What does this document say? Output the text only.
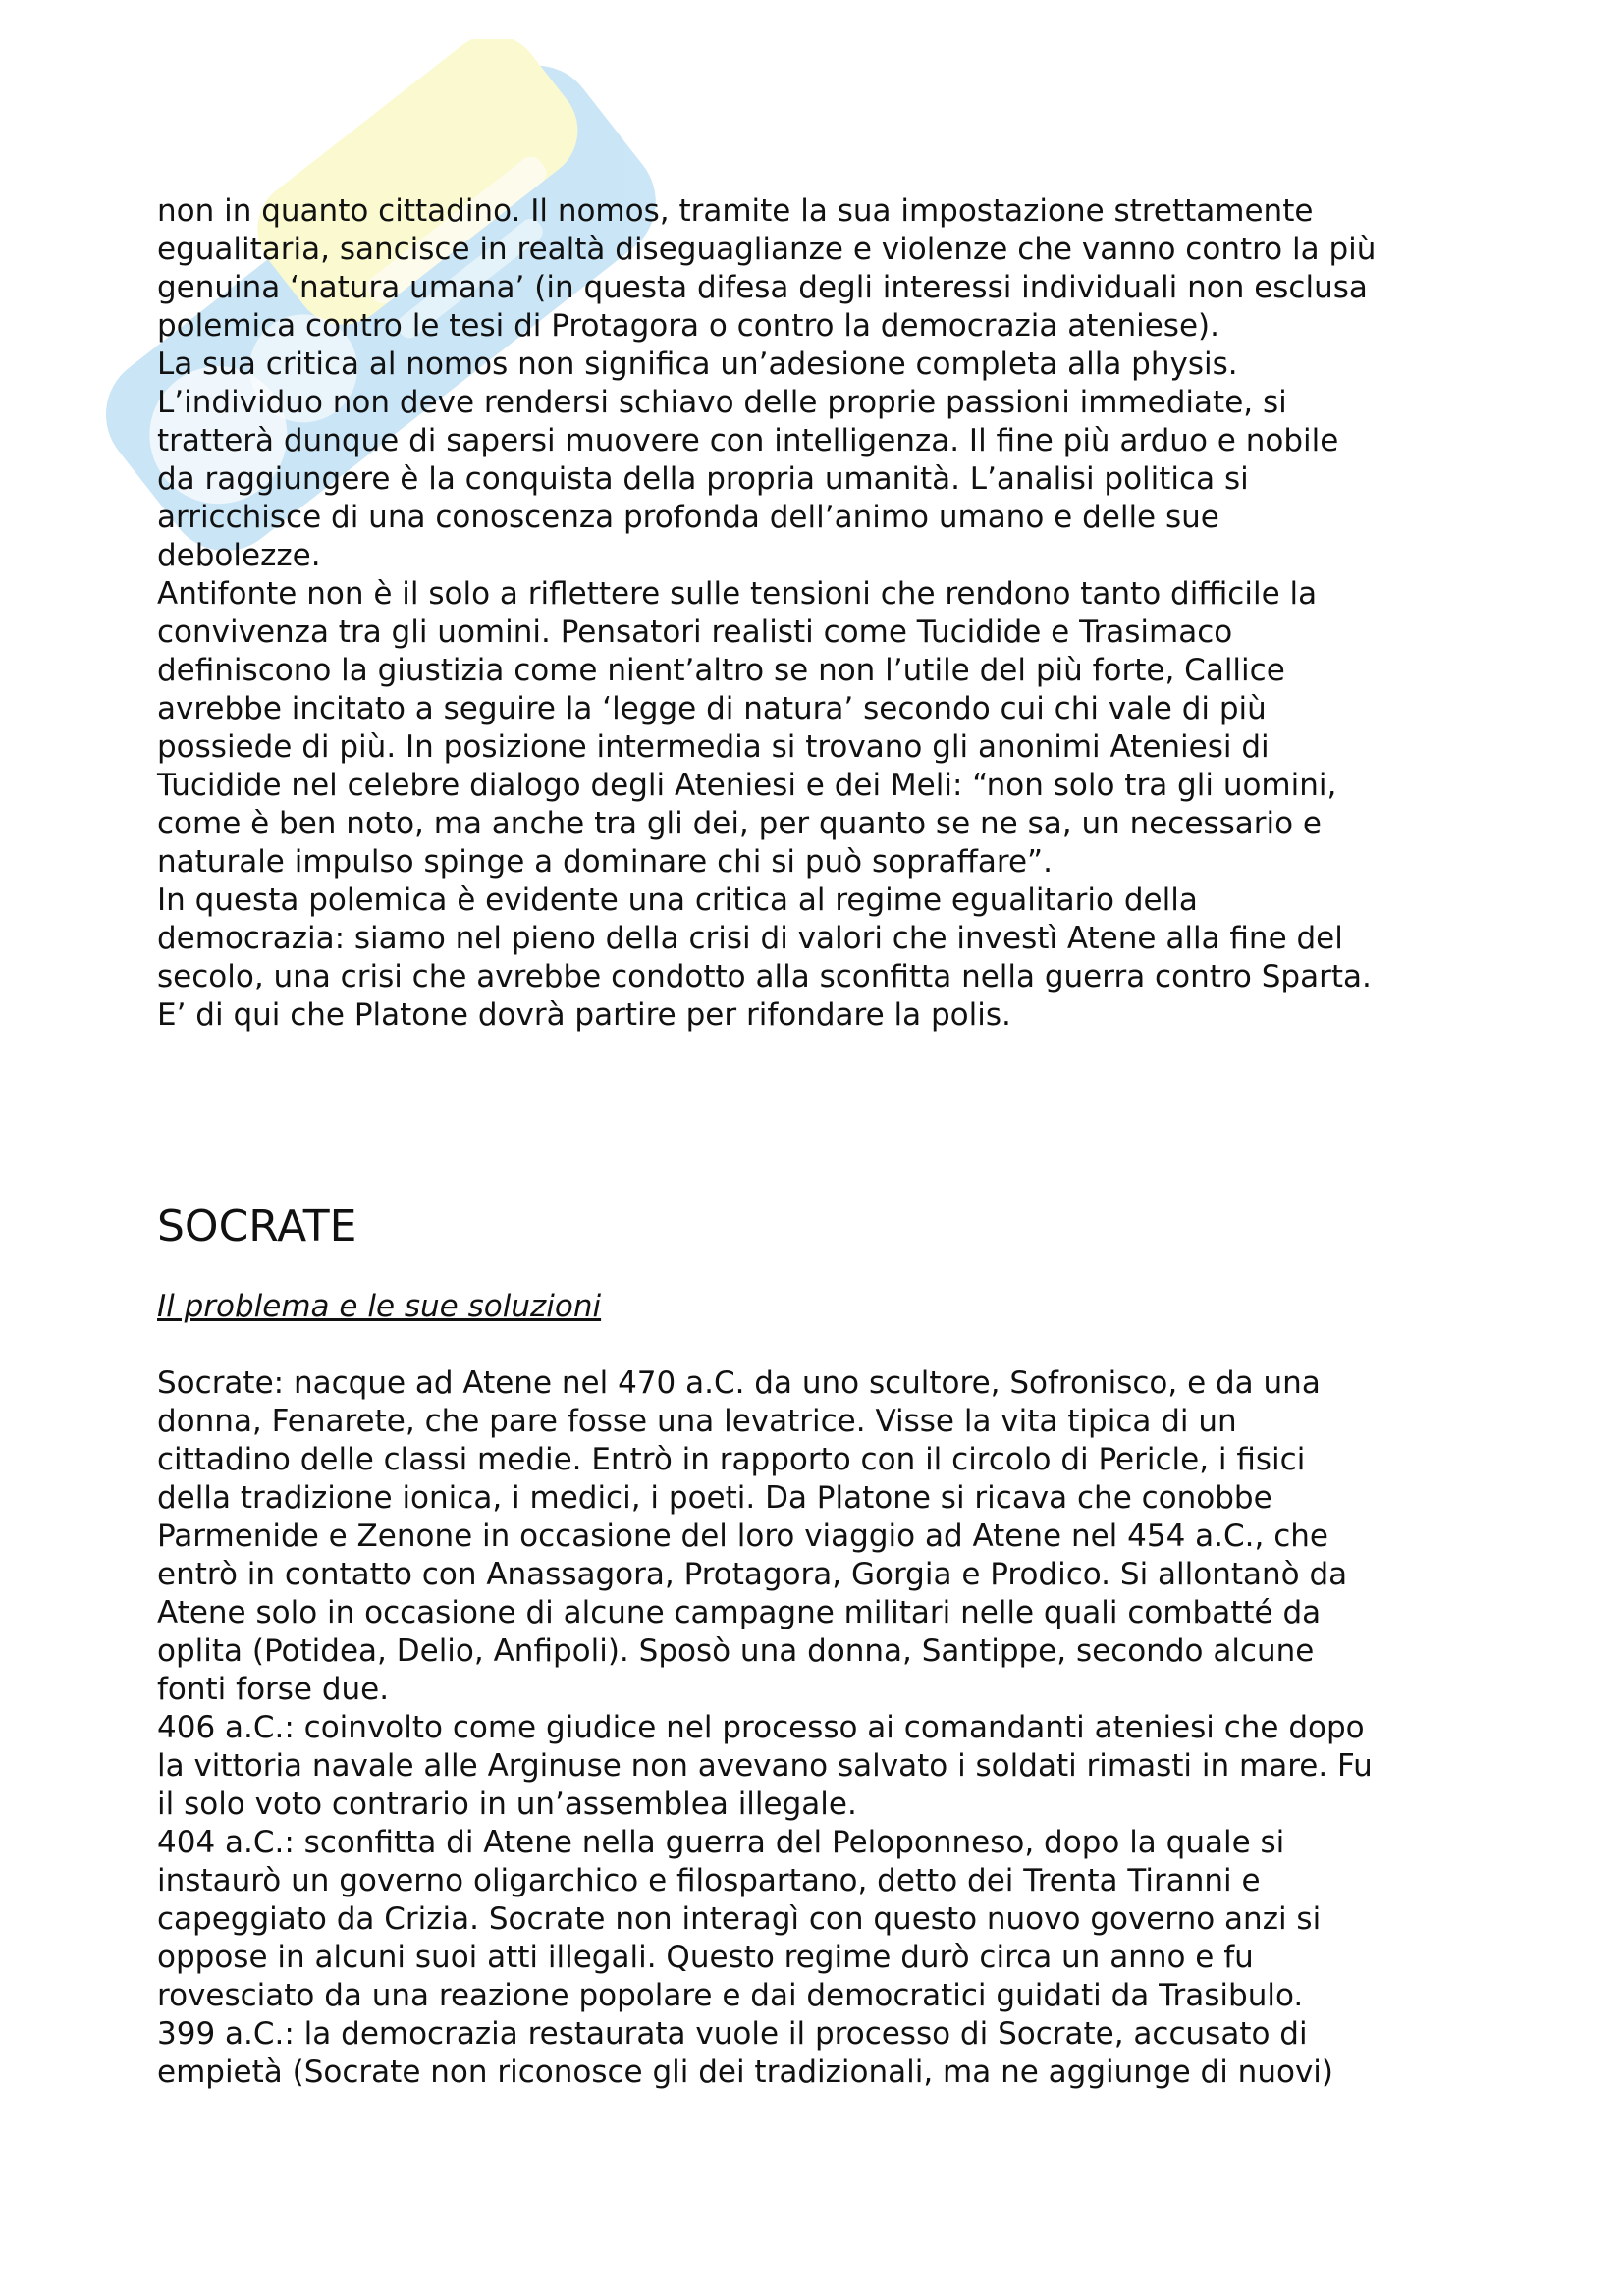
non in quanto cittadino. Il nomos, tramite la sua impostazione strettamente

egualitaria, sancisce in realtà diseguaglianze e violenze che vanno contro la più

genuina ‘natura umana’ (in questa difesa degli interessi individuali non esclusa

polemica contro le tesi di Protagora o contro la democrazia ateniese).

La sua critica al nomos non significa un’adesione completa alla physis.

L’individuo non deve rendersi schiavo delle proprie passioni immediate, si

tratterà dunque di sapersi muovere con intelligenza. Il fine più arduo e nobile

da raggiungere è la conquista della propria umanità. L’analisi politica si

arricchisce di una conoscenza profonda dell’animo umano e delle sue

debolezze.

Antifonte non è il solo a riflettere sulle tensioni che rendono tanto difficile la

convivenza tra gli uomini. Pensatori realisti come Tucidide e Trasimaco

definiscono la giustizia come nient’altro se non l’utile del più forte, Callice

avrebbe incitato a seguire la ‘legge di natura’ secondo cui chi vale di più

possiede di più. In posizione intermedia si trovano gli anonimi Ateniesi di

Tucidide nel celebre dialogo degli Ateniesi e dei Meli: “non solo tra gli uomini,

come è ben noto, ma anche tra gli dei, per quanto se ne sa, un necessario e

naturale impulso spinge a dominare chi si può sopraffare”.

In questa polemica è evidente una critica al regime egualitario della

democrazia: siamo nel pieno della crisi di valori che investì Atene alla fine del

secolo, una crisi che avrebbe condotto alla sconfitta nella guerra contro Sparta.

E’ di qui che Platone dovrà partire per rifondare la polis.

SOCRATE

Il problema e le sue soluzioni

Socrate: nacque ad Atene nel 470 a.C. da uno scultore, Sofronisco, e da una

donna, Fenarete, che pare fosse una levatrice. Visse la vita tipica di un

cittadino delle classi medie. Entrò in rapporto con il circolo di Pericle, i fisici

della tradizione ionica, i medici, i poeti. Da Platone si ricava che conobbe

Parmenide e Zenone in occasione del loro viaggio ad Atene nel 454 a.C., che

entrò in contatto con Anassagora, Protagora, Gorgia e Prodico. Si allontanò da

Atene solo in occasione di alcune campagne militari nelle quali combatté da

oplita (Potidea, Delio, Anfipoli). Sposò una donna, Santippe, secondo alcune

fonti forse due.

406 a.C.: coinvolto come giudice nel processo ai comandanti ateniesi che dopo

la vittoria navale alle Arginuse non avevano salvato i soldati rimasti in mare. Fu

il solo voto contrario in un’assemblea illegale.

404 a.C.: sconfitta di Atene nella guerra del Peloponneso, dopo la quale si

instaurò un governo oligarchico e filospartano, detto dei Trenta Tiranni e

capeggiato da Crizia. Socrate non interagì con questo nuovo governo anzi si

oppose in alcuni suoi atti illegali. Questo regime durò circa un anno e fu

rovesciato da una reazione popolare e dai democratici guidati da Trasibulo.

399 a.C.: la democrazia restaurata vuole il processo di Socrate, accusato di

empietà (Socrate non riconosce gli dei tradizionali, ma ne aggiunge di nuovi)
